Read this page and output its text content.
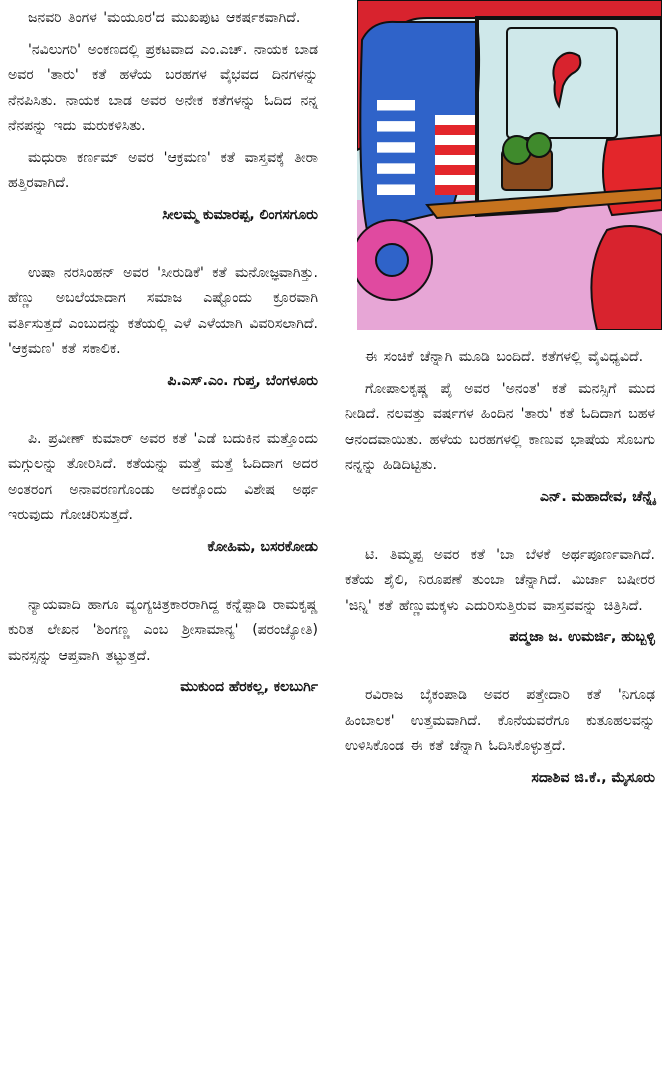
ಜನವರಿ ತಿಂಗಳ 'ಮಯೂರ'ದ ಮುಖಪುಟ ಆಕರ್ಷಕವಾಗಿದೆ.

'ನವಿಲುಗರಿ' ಅಂಕಣದಲ್ಲಿ ಪ್ರಕಟವಾದ ಎಂ.ಎಚ್. ನಾಯಕ ಬಾಡ ಅವರ 'ತಾರು' ಕತೆ ಹಳೆಯ ಬರಹಗಳ ವೈಭವದ ದಿನಗಳನ್ನು ನೆನಪಿಸಿತು. ನಾಯಕ ಬಾಡ ಅವರ ಅನೇಕ ಕತೆಗಳನ್ನು ಓದಿದ ನನ್ನ ನೆನಪನ್ನು ಇದು ಮರುಕಳಿಸಿತು.

ಮಧುರಾ ಕರ್ಣಮ್ ಅವರ 'ಆಕ್ರಮಣ' ಕತೆ ವಾಸ್ತವಕ್ಕೆ ತೀರಾ ಹತ್ತಿರವಾಗಿದೆ.

ಸೀಲಮ್ಮ ಕುಮಾರಪ್ಪ, ಲಿಂಗಸಗೂರು

ಉಷಾ ನರಸಿಂಹನ್ ಅವರ 'ಸೀರುಡಿಕೆ' ಕತೆ ಮನೋಜ್ಞವಾಗಿತ್ತು. ಹೆಣ್ಣು ಅಬಲೆಯಾದಾಗ ಸಮಾಜ ಎಷ್ಟೊಂದು ಕ್ರೂರವಾಗಿ ವರ್ತಿಸುತ್ತದೆ ಎಂಬುದನ್ನು ಕತೆಯಲ್ಲಿ ಎಳೆ ಎಳೆಯಾಗಿ ವಿವರಿಸಲಾಗಿದೆ. 'ಆಕ್ರಮಣ' ಕತೆ ಸಕಾಲಿಕ.

ಪಿ.ಎಸ್.ಎಂ. ಗುಪ್ತ, ಬೆಂಗಳೂರು

ಪಿ. ಪ್ರವೀಣ್ ಕುಮಾರ್ ಅವರ ಕತೆ 'ಎಡೆ ಬದುಕಿನ ಮತ್ತೊಂದು ಮಗ್ಗುಲನ್ನು ತೋರಿಸಿದೆ. ಕತೆಯನ್ನು ಮತ್ತೆ ಮತ್ತೆ ಓದಿದಾಗ ಅದರ ಅಂತರಂಗ ಅನಾವರಣಗೊಂಡು ಅದಕ್ಕೊಂದು ವಿಶೇಷ ಅರ್ಥ ಇರುವುದು ಗೋಚರಿಸುತ್ತದೆ.

ಕೋಹಿಮ, ಬಸರಕೋಡು

ನ್ಯಾಯವಾದಿ ಹಾಗೂ ವ್ಯಂಗ್ಯಚಿತ್ರಕಾರರಾಗಿದ್ದ ಕನ್ನೆಪ್ಪಾಡಿ ರಾಮಕೃಷ್ಣ ಕುರಿತ ಲೇಖನ 'ಶಿಂಗಣ್ಣ ಎಂಬ ಶ್ರೀಸಾಮಾನ್ಯ' (ಪರಂಜ್ಯೋತಿ) ಮನಸ್ಸನ್ನು ಆಪ್ತವಾಗಿ ತಟ್ಟುತ್ತದೆ.

ಮುಕುಂದ ಹೆರಕಲ್ಲ, ಕಲಬುರ್ಗಿ

ಈ ಸಂಚಿಕೆ ಚೆನ್ನಾಗಿ ಮೂಡಿ ಬಂದಿದೆ. ಕತೆಗಳಲ್ಲಿ ವೈವಿಧ್ಯವಿದೆ.

ಗೋಪಾಲಕೃಷ್ಣ ಪೈ ಅವರ 'ಅನಂತ' ಕತೆ ಮನಸ್ಸಿಗೆ ಮುದ ನೀಡಿದೆ. ನಲವತ್ತು ವರ್ಷಗಳ ಹಿಂದಿನ 'ತಾರು' ಕತೆ ಓದಿದಾಗ ಬಹಳ ಆನಂದವಾಯಿತು. ಹಳೆಯ ಬರಹಗಳಲ್ಲಿ ಕಾಣುವ ಭಾಷೆಯ ಸೊಬಗು ನನ್ನನ್ನು ಹಿಡಿದಿಟ್ಟಿತು.

ಎನ್. ಮಹಾದೇವ, ಚೆನ್ನೈ

ಟಿ. ತಿಮ್ಮಪ್ಪ ಅವರ ಕತೆ 'ಬಾ ಬೆಳಕೆ ಅರ್ಥಪೂರ್ಣವಾಗಿದೆ. ಕತೆಯ ಶೈಲಿ, ನಿರೂಪಣೆ ತುಂಬಾ ಚೆನ್ನಾಗಿದೆ. ಮಿರ್ಜಾ ಬಷೀರರ 'ಜಿನ್ನಿ' ಕತೆ ಹೆಣ್ಣುಮಕ್ಕಳು ಎದುರಿಸುತ್ತಿರುವ ವಾಸ್ತವವನ್ನು ಚಿತ್ರಿಸಿದೆ.

ಪದ್ಮಜಾ ಜ. ಉಮರ್ಜಿ, ಹುಬ್ಬಳ್ಳಿ

ರವಿರಾಜ ಬೈಕಂಪಾಡಿ ಅವರ ಪತ್ತೇದಾರಿ ಕತೆ 'ನಿಗೂಢ ಹಿಂಬಾಲಕ' ಉತ್ತಮವಾಗಿದೆ. ಕೊನೆಯವರೆಗೂ ಕುತೂಹಲವನ್ನು ಉಳಿಸಿಕೊಂಡ ಈ ಕತೆ ಚೆನ್ನಾಗಿ ಓದಿಸಿಕೊಳ್ಳುತ್ತದೆ.

ಸದಾಶಿವ ಜಿ.ಕೆ., ಮೈಸೂರು
